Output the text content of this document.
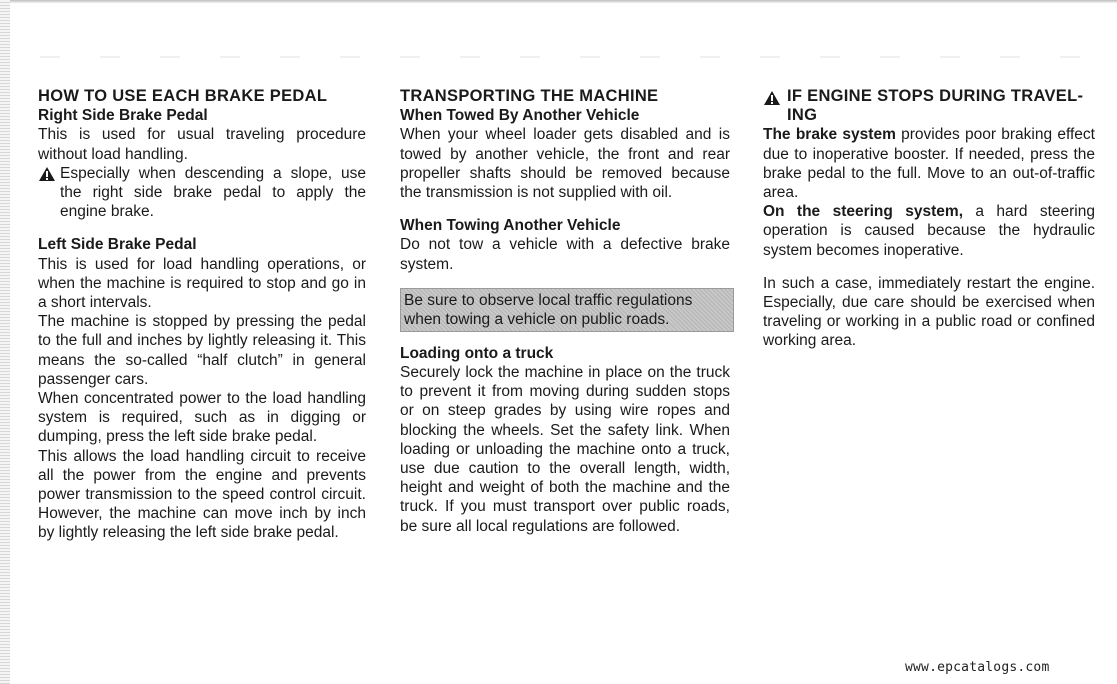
HOW TO USE EACH BRAKE PEDAL
Right Side Brake Pedal

This is used for usual traveling procedure without load handling.

Especially when descending a slope, use the right side brake pedal to apply the engine brake.

Left Side Brake Pedal

This is used for load handling operations, or when the machine is required to stop and go in a short intervals.

The machine is stopped by pressing the pedal to the full and inches by lightly releasing it. This means the so-called “half clutch” in general passenger cars.

When concentrated power to the load handling system is required, such as in digging or dumping, press the left side brake pedal.

This allows the load handling circuit to receive all the power from the engine and prevents power transmission to the speed control circuit. However, the machine can move inch by inch by lightly releasing the left side brake pedal.

TRANSPORTING THE MACHINE
When Towed By Another Vehicle

When your wheel loader gets disabled and is towed by another vehicle, the front and rear propeller shafts should be removed because the transmission is not supplied with oil.

When Towing Another Vehicle

Do not tow a vehicle with a defective brake system.

Be sure to observe local traffic regulations when towing a vehicle on public roads.
Loading onto a truck

Securely lock the machine in place on the truck to prevent it from moving during sudden stops or on steep grades by using wire ropes and blocking the wheels. Set the safety link. When loading or unloading the machine onto a truck, use due caution to the overall length, width, height and weight of both the machine and the truck. If you must transport over public roads, be sure all local regulations are followed.

IF ENGINE STOPS DURING TRAVEL-ING

The brake system provides poor braking effect due to inoperative booster. If needed, press the brake pedal to the full. Move to an out-of-traffic area.

On the steering system, a hard steering operation is caused because the hydraulic system becomes inoperative.

In such a case, immediately restart the engine. Especially, due care should be exercised when traveling or working in a public road or confined working area.

www.epcatalogs.com
